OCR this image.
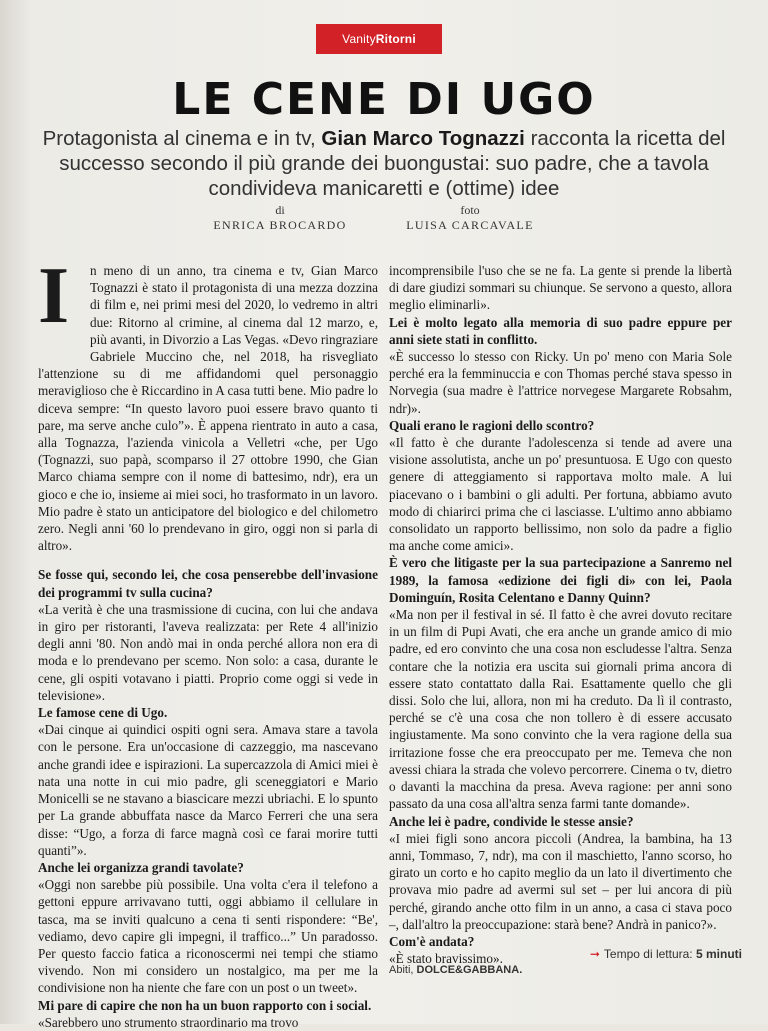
Vanity Ritorni
LE CENE DI UGO
Protagonista al cinema e in tv, Gian Marco Tognazzi racconta la ricetta del successo secondo il più grande dei buongustai: suo padre, che a tavola condivideva manicaretti e (ottime) idee
di
ENRICA BROCARDO
foto
LUISA CARCAVALE

I	n meno di un anno, tra cinema e tv, Gian Marco Tognazzi è stato il protagonista di una mezza dozzina di film e, nei primi mesi del 2020, lo vedremo in altri due: Ritorno al crimine, al cinema dal 12 marzo, e, più avanti, in Divorzio a Las Vegas. «Devo ringraziare Gabriele Muccino che, nel 2018, ha risvegliato l'attenzione su di me affidandomi quel personaggio meraviglioso che è Riccardino in A casa tutti bene. Mio padre lo diceva sempre: “In questo lavoro puoi essere bravo quanto ti pare, ma serve anche culo”». È appena rientrato in auto a casa, alla Tognazza, l'azienda vinicola a Velletri «che, per Ugo (Tognazzi, suo papà, scomparso il 27 ottobre 1990, che Gian Marco chiama sempre con il nome di battesimo, ndr), era un gioco e che io, insieme ai miei soci, ho trasformato in un lavoro. Mio padre è stato un anticipatore del biologico e del chilometro zero. Negli anni '60 lo prendevano in giro, oggi non si parla di altro».

Se fosse qui, secondo lei, che cosa penserebbe dell'invasione dei programmi tv sulla cucina?

«La verità è che una trasmissione di cucina, con lui che andava in giro per ristoranti, l'aveva realizzata: per Rete 4 all'inizio degli anni '80. Non andò mai in onda perché allora non era di moda e lo prendevano per scemo. Non solo: a casa, durante le cene, gli ospiti votavano i piatti. Proprio come oggi si vede in televisione».

Le famose cene di Ugo.

«Dai cinque ai quindici ospiti ogni sera. Amava stare a tavola con le persone. Era un'occasione di cazzeggio, ma nascevano anche grandi idee e ispirazioni. La supercazzola di Amici miei è nata una notte in cui mio padre, gli sceneggiatori e Mario Monicelli se ne stavano a biascicare mezzi ubriachi. E lo spunto per La grande abbuffata nasce da Marco Ferreri che una sera disse: “Ugo, a forza di farce magnà così ce farai morire tutti quanti”».

Anche lei organizza grandi tavolate?

«Oggi non sarebbe più possibile. Una volta c'era il telefono a gettoni eppure arrivavano tutti, oggi abbiamo il cellulare in tasca, ma se inviti qualcuno a cena ti senti rispondere: “Be', vediamo, devo capire gli impegni, il traffico...” Un paradosso. Per questo faccio fatica a riconoscermi nei tempi che stiamo vivendo. Non mi considero un nostalgico, ma per me la condivisione non ha niente che fare con un post o un tweet».

Mi pare di capire che non ha un buon rapporto con i social.

«Sarebbero uno strumento straordinario ma trovo

incomprensibile l'uso che se ne fa. La gente si prende la libertà di dare giudizi sommari su chiunque. Se servono a questo, allora meglio eliminarli».

Lei è molto legato alla memoria di suo padre eppure per anni siete stati in conflitto.

«È successo lo stesso con Ricky. Un po' meno con Maria Sole perché era la femminuccia e con Thomas perché stava spesso in Norvegia (sua madre è l'attrice norvegese Margarete Robsahm, ndr)».

Quali erano le ragioni dello scontro?

«Il fatto è che durante l'adolescenza si tende ad avere una visione assolutista, anche un po' presuntuosa. E Ugo con questo genere di atteggiamento si rapportava molto male. A lui piacevano o i bambini o gli adulti. Per fortuna, abbiamo avuto modo di chiarirci prima che ci lasciasse. L'ultimo anno abbiamo consolidato un rapporto bellissimo, non solo da padre a figlio ma anche come amici».

È vero che litigaste per la sua partecipazione a Sanremo nel 1989, la famosa «edizione dei figli di» con lei, Paola Dominguín, Rosita Celentano e Danny Quinn?

«Ma non per il festival in sé. Il fatto è che avrei dovuto recitare in un film di Pupi Avati, che era anche un grande amico di mio padre, ed ero convinto che una cosa non escludesse l'altra. Senza contare che la notizia era uscita sui giornali prima ancora di essere stato contattato dalla Rai. Esattamente quello che gli dissi. Solo che lui, allora, non mi ha creduto. Da lì il contrasto, perché se c'è una cosa che non tollero è di essere accusato ingiustamente. Ma sono convinto che la vera ragione della sua irritazione fosse che era preoccupato per me. Temeva che non avessi chiara la strada che volevo percorrere. Cinema o tv, dietro o davanti la macchina da presa. Aveva ragione: per anni sono passato da una cosa all'altra senza farmi tante domande».

Anche lei è padre, condivide le stesse ansie?

«I miei figli sono ancora piccoli (Andrea, la bambina, ha 13 anni, Tommaso, 7, ndr), ma con il maschietto, l'anno scorso, ho girato un corto e ho capito meglio da un lato il divertimento che provava mio padre ad avermi sul set – per lui ancora di più perché, girando anche otto film in un anno, a casa ci stava poco –, dall'altro la preoccupazione: starà bene? Andrà in panico?».

Com'è andata?

«È stato bravissimo».	➞ Tempo di lettura: 5 minuti
Abiti, DOLCE&GABBANA.
